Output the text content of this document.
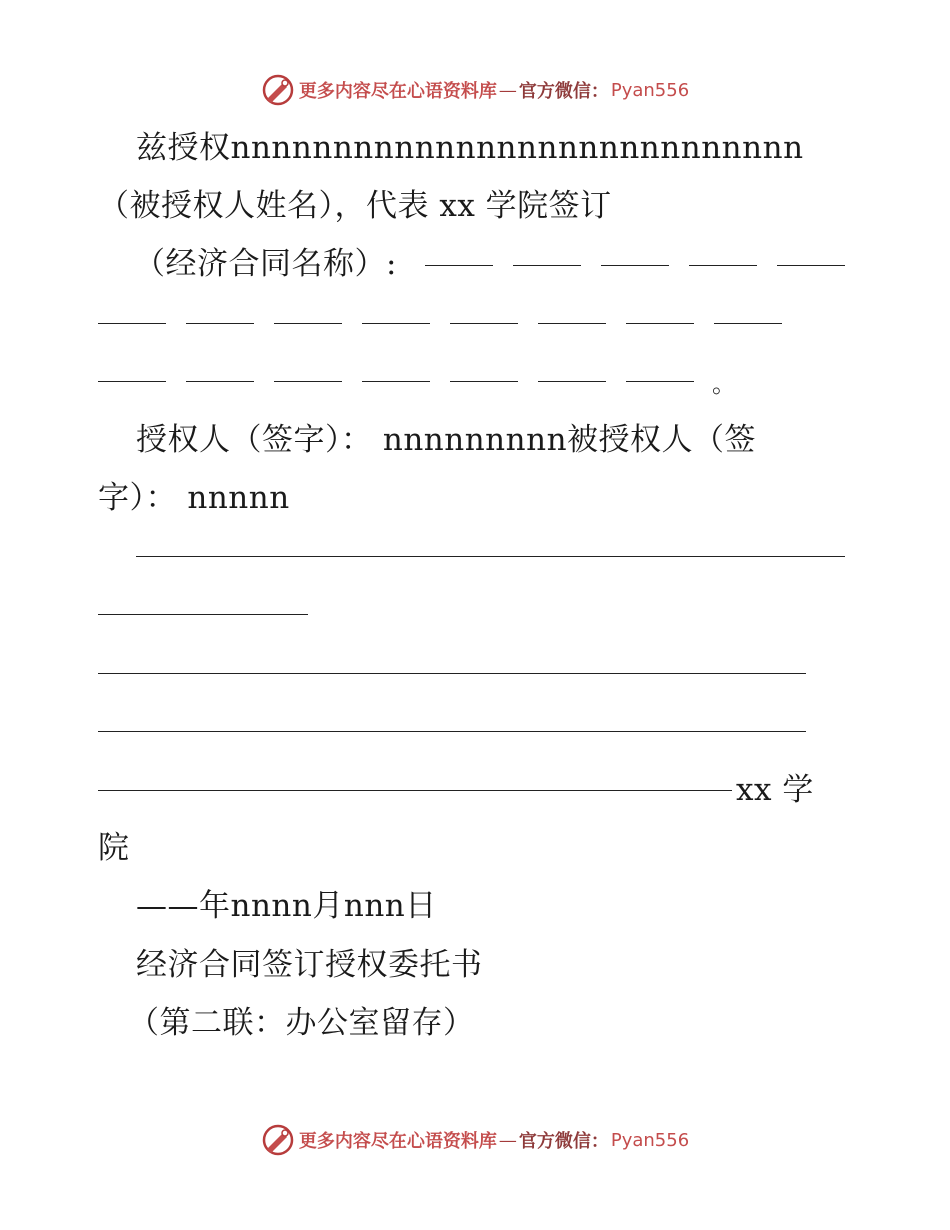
更多内容尽在心语资料库 — 官方微信： Pyan556
兹授权nnnnnnnnnnnnnnnnnnnnnnnnnnnn
（被授权人姓名），代表 xx 学院签订
（经济合同名称）:
。
授权人（签字）： nnnnnnnnn被授权人（签
字）： nnnnn
xx 学
院
——年nnnn月nnn日
经济合同签订授权委托书
（第二联：办公室留存）
更多内容尽在心语资料库 — 官方微信： Pyan556
